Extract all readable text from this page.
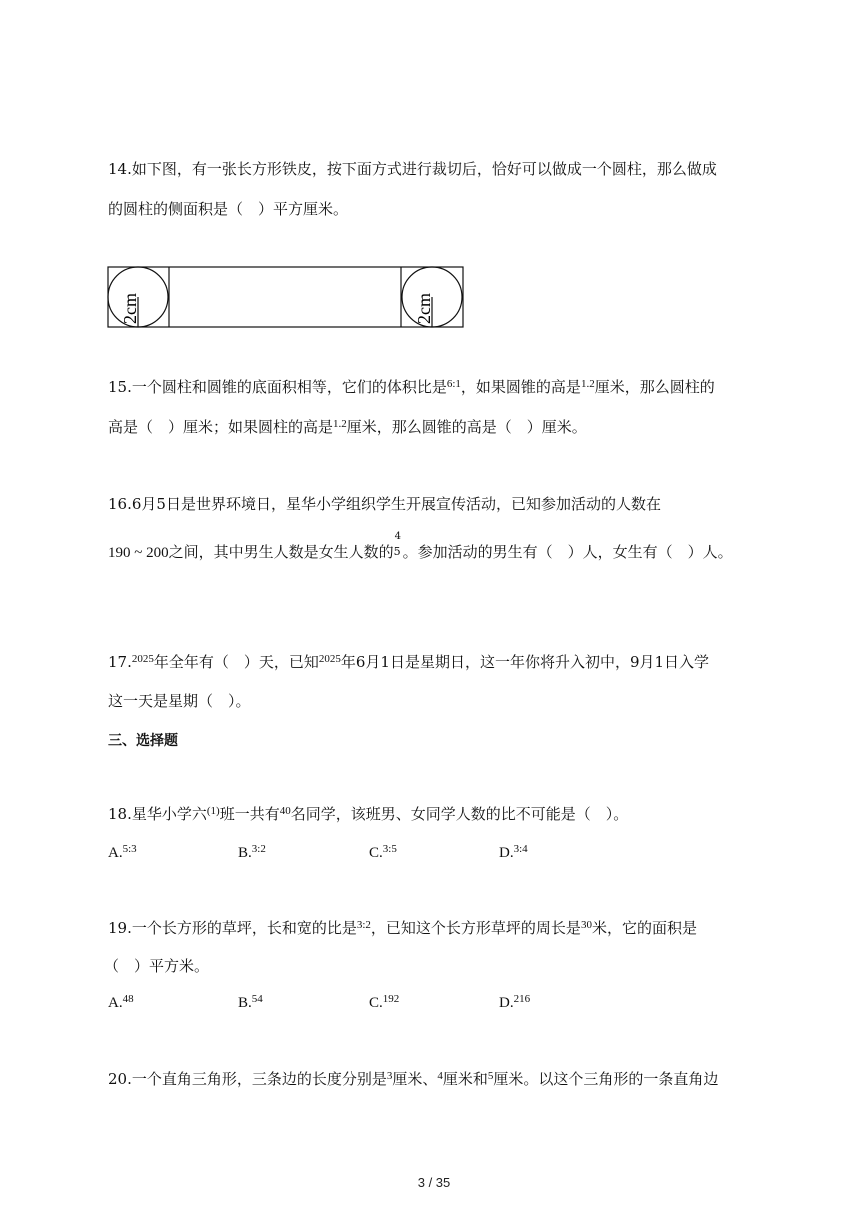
14.如下图，有一张长方形铁皮，按下面方式进行裁切后，恰好可以做成一个圆柱，那么做成
的圆柱的侧面积是（　）平方厘米。
2cm	2cm
15.一个圆柱和圆锥的底面积相等，它们的体积比是$^{6:1}$，如果圆锥的高是$^{1.2}$厘米，那么圆柱的
高是（　）厘米；如果圆柱的高是$^{1.2}$厘米，那么圆锥的高是（　）厘米。
16.6月5日是世界环境日，星华小学组织学生开展宣传活动，已知参加活动的人数在
190 ~ 200之间，其中男生人数是女生人数的
4
5 。参加活动的男生有（　）人，女生有（　）人。
17.$^{2025}$年全年有（　）天，已知$^{2025}$年6月1日是星期日，这一年你将升入初中，9月1日入学
这一天是星期（　）。
三、选择题
18.星华小学六$^{(1)}$班一共有$^{40}$名同学，该班男、女同学人数的比不可能是（　）。
A.$^{5:3}$	B.$^{3:2}$	C.$^{3:5}$	D.$^{3:4}$
19.一个长方形的草坪，长和宽的比是$^{3:2}$，已知这个长方形草坪的周长是$^{30}$米，它的面积是
（　）平方米。
A.$^{48}$	B.$^{54}$	C.$^{192}$	D.$^{216}$
20.一个直角三角形，三条边的长度分别是$^3$厘米、$^4$厘米和$^5$厘米。以这个三角形的一条直角边
3 / 35
